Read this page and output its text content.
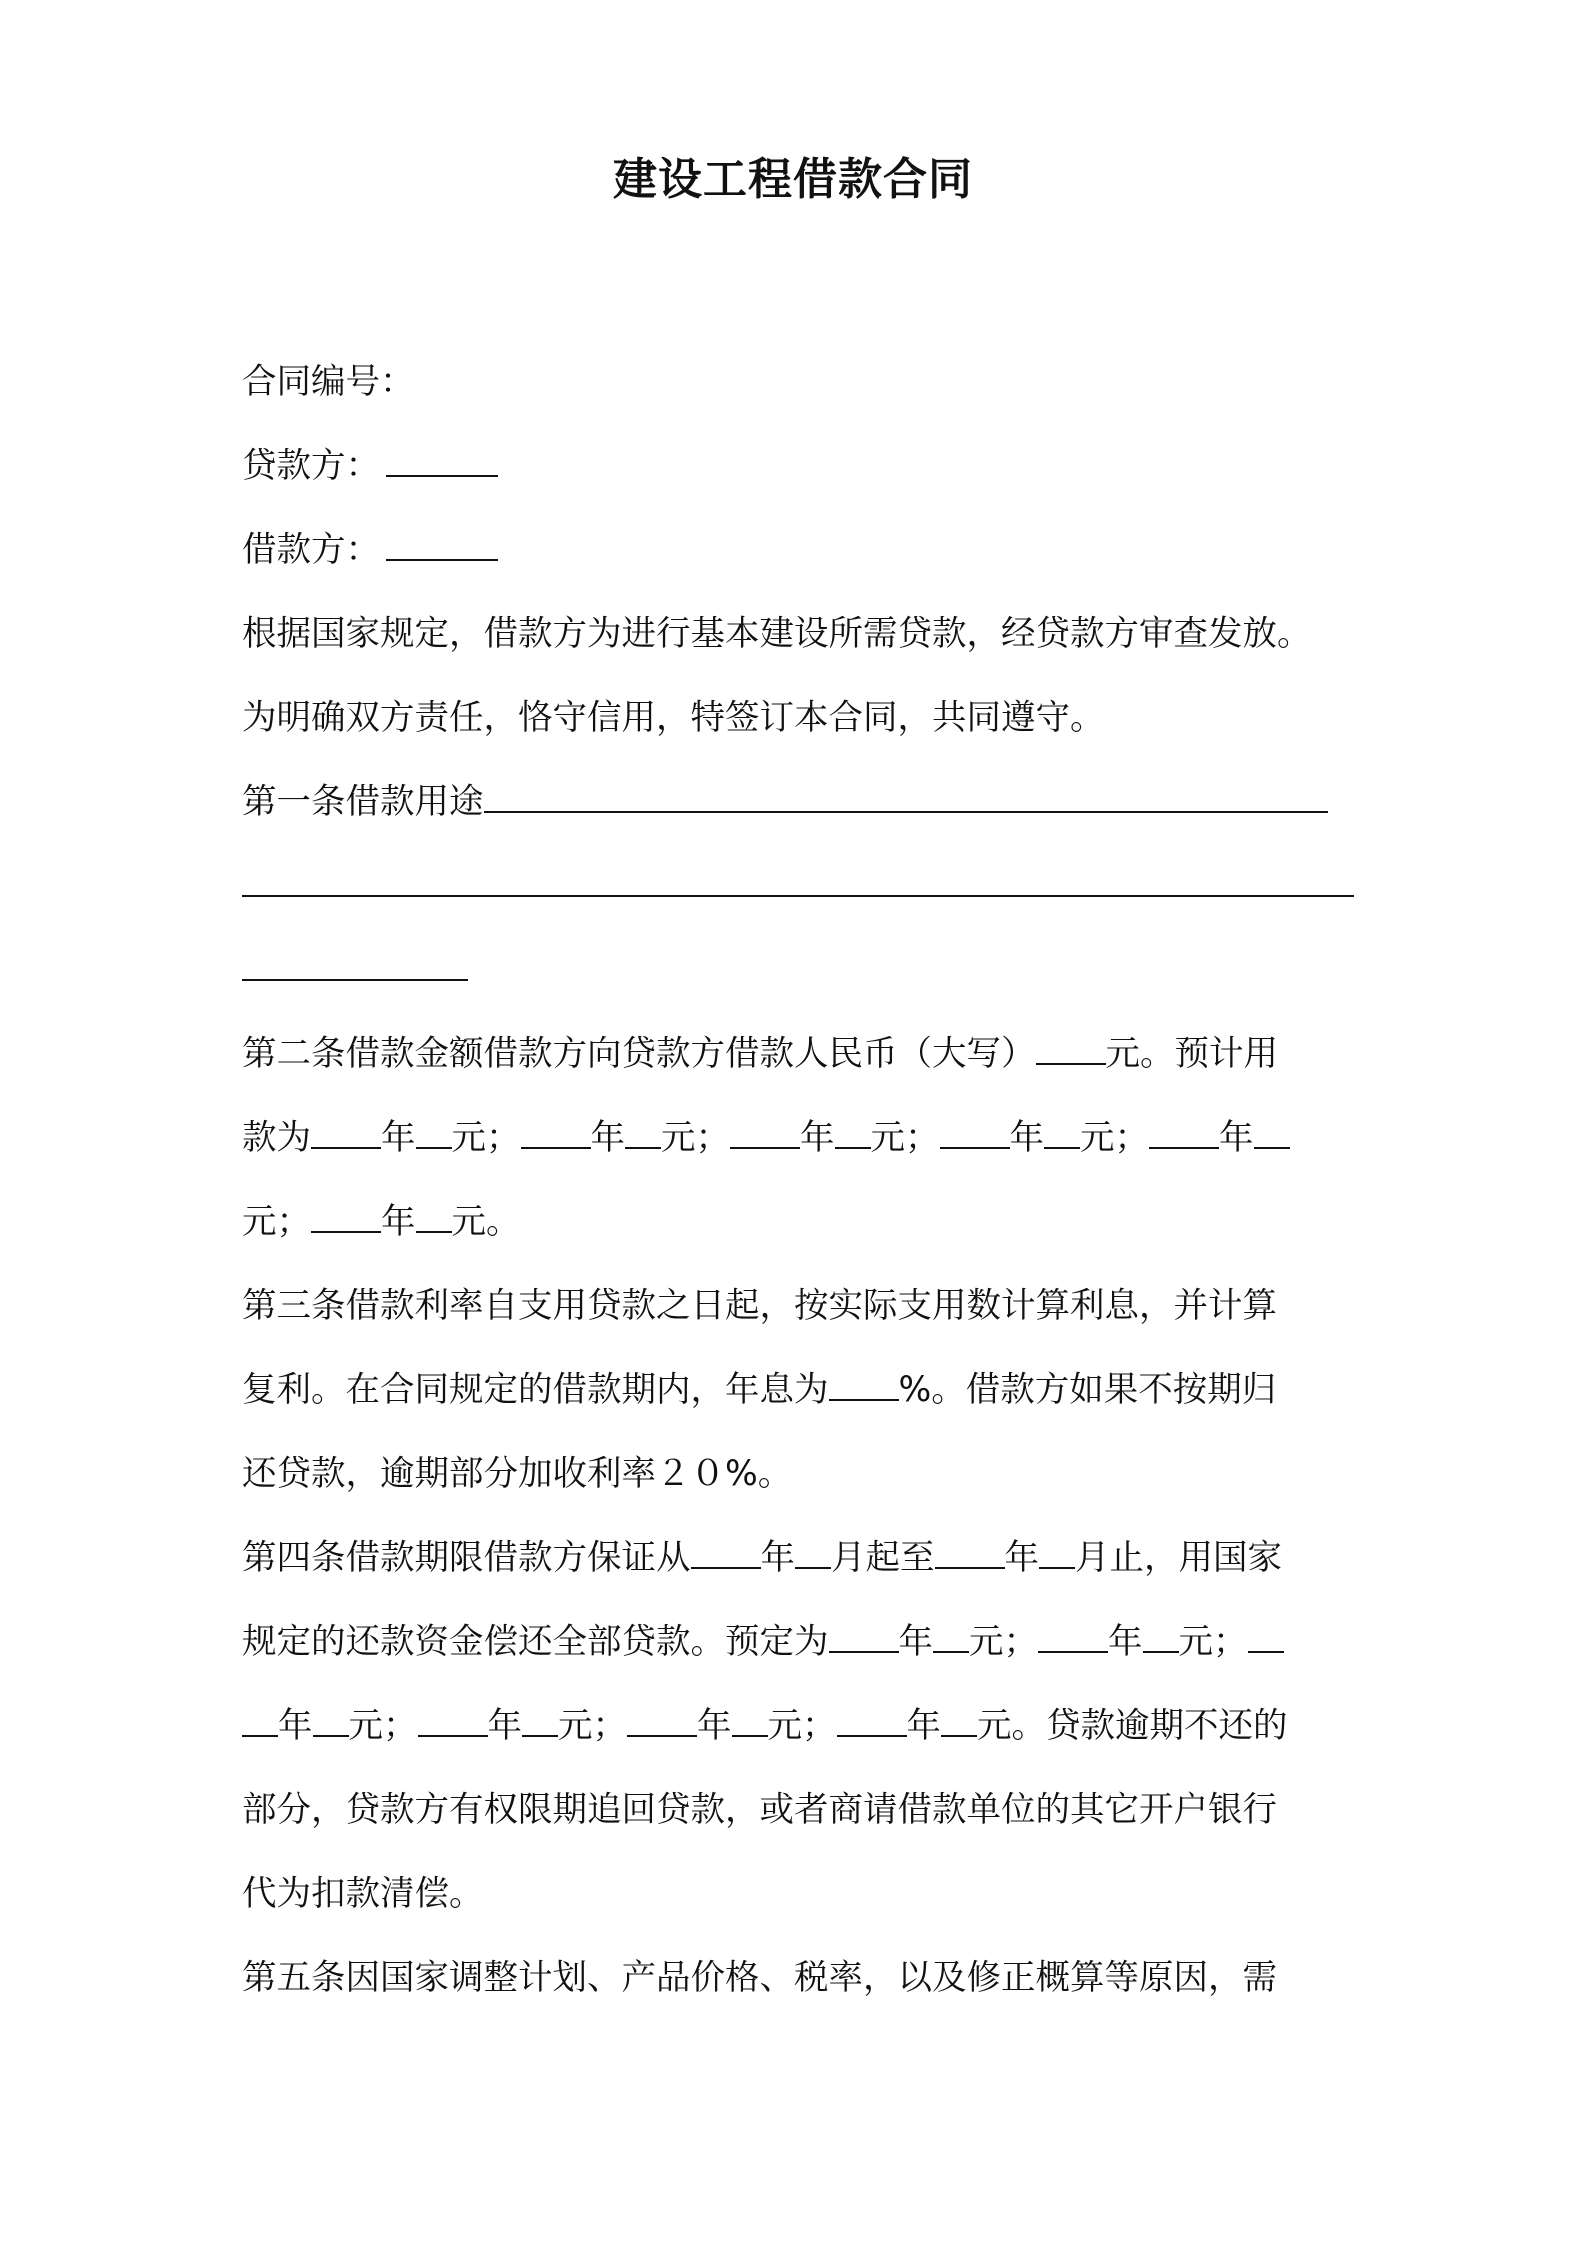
建设工程借款合同
合同编号：
贷款方：
借款方：
根据国家规定，借款方为进行基本建设所需贷款，经贷款方审查发放。
为明确双方责任，恪守信用，特签订本合同，共同遵守。
第一条借款用途
第二条借款金额借款方向贷款方借款人民币（大写） 元。预计用
款为 年 元； 年 元； 年 元； 年 元； 年
元； 年 元。
第三条借款利率自支用贷款之日起，按实际支用数计算利息，并计算
复利。在合同规定的借款期内，年息为 %。借款方如果不按期归
还贷款，逾期部分加收利率２０%。
第四条借款期限借款方保证从 年 月起至 年 月止，用国家
规定的还款资金偿还全部贷款。预定为 年 元； 年 元；
年 元； 年 元； 年 元； 年 元。贷款逾期不还的
部分，贷款方有权限期追回贷款，或者商请借款单位的其它开户银行
代为扣款清偿。
第五条因国家调整计划、产品价格、税率，以及修正概算等原因，需
